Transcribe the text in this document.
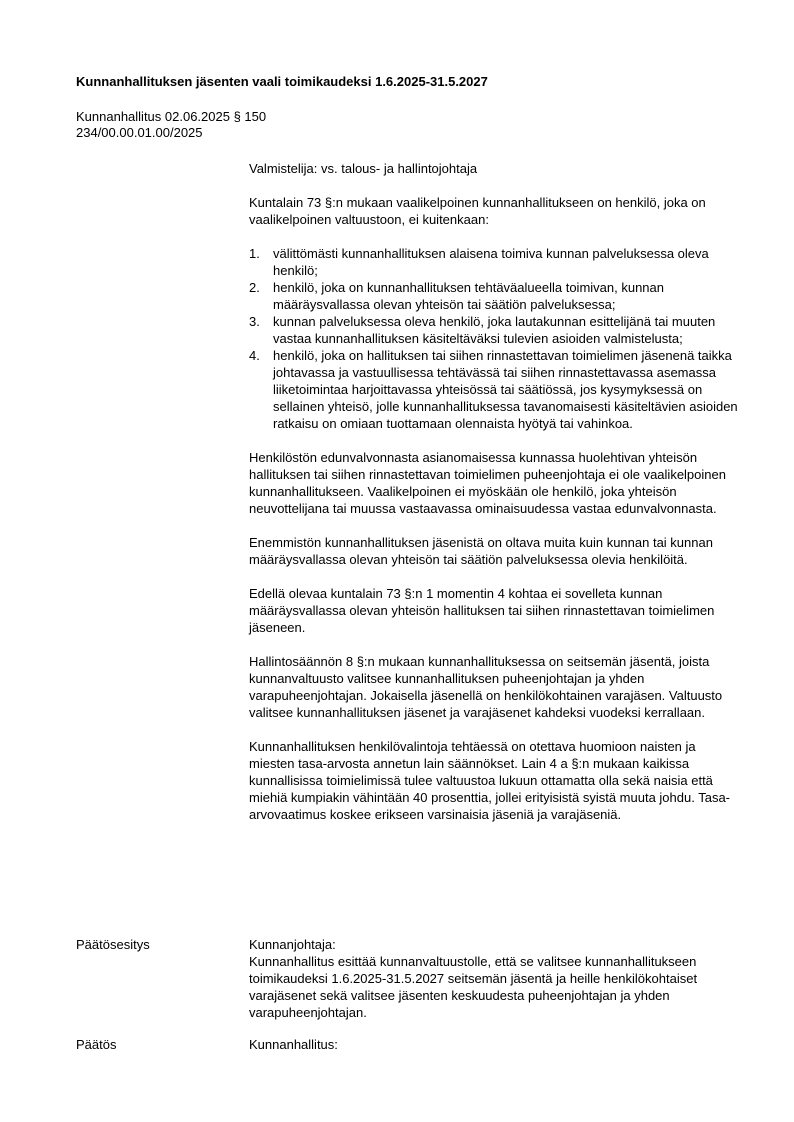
Kunnanhallituksen jäsenten vaali toimikaudeksi 1.6.2025-31.5.2027
Kunnanhallitus 02.06.2025 § 150
234/00.00.01.00/2025

Valmistelija: vs. talous- ja hallintojohtaja

Kuntalain 73 §:n mukaan vaalikelpoinen kunnanhallitukseen on henkilö, joka on vaalikelpoinen valtuustoon, ei kuitenkaan:

1. välittömästi kunnanhallituksen alaisena toimiva kunnan palveluksessa oleva henkilö;
2. henkilö, joka on kunnanhallituksen tehtäväalueella toimivan, kunnan määräysvallassa olevan yhteisön tai säätiön palveluksessa;
3. kunnan palveluksessa oleva henkilö, joka lautakunnan esittelijänä tai muuten vastaa kunnanhallituksen käsiteltäväksi tulevien asioiden valmistelusta;
4. henkilö, joka on hallituksen tai siihen rinnastettavan toimielimen jäsenenä taikka johtavassa ja vastuullisessa tehtävässä tai siihen rinnastettavassa asemassa liiketoimintaa harjoittavassa yhteisössä tai säätiössä, jos kysymyksessä on sellainen yhteisö, jolle kunnanhallituksessa tavanomaisesti käsiteltävien asioiden ratkaisu on omiaan tuottamaan olennaista hyötyä tai vahinkoa.

Henkilöstön edunvalvonnasta asianomaisessa kunnassa huolehtivan yhteisön hallituksen tai siihen rinnastettavan toimielimen puheenjohtaja ei ole vaalikelpoinen kunnanhallitukseen. Vaalikelpoinen ei myöskään ole henkilö, joka yhteisön neuvottelijana tai muussa vastaavassa ominaisuudessa vastaa edunvalvonnasta.

Enemmistön kunnanhallituksen jäsenistä on oltava muita kuin kunnan tai kunnan määräysvallassa olevan yhteisön tai säätiön palveluksessa olevia henkilöitä.

Edellä olevaa kuntalain 73 §:n 1 momentin 4 kohtaa ei sovelleta kunnan määräysvallassa olevan yhteisön hallituksen tai siihen rinnastettavan toimielimen jäseneen.

Hallintosäännön 8 §:n mukaan kunnanhallituksessa on seitsemän jäsentä, joista kunnanvaltuusto valitsee kunnanhallituksen puheenjohtajan ja yhden varapuheenjohtajan. Jokaisella jäsenellä on henkilökohtainen varajäsen. Valtuusto valitsee kunnanhallituksen jäsenet ja varajäsenet kahdeksi vuodeksi kerrallaan.

Kunnanhallituksen henkilövalintoja tehtäessä on otettava huomioon naisten ja miesten tasa-arvosta annetun lain säännökset. Lain 4 a §:n mukaan kaikissa kunnallisissa toimielimissä tulee valtuustoa lukuun ottamatta olla sekä naisia että miehiä kumpiakin vähintään 40 prosenttia, jollei erityisistä syistä muuta johdu. Tasa-arvovaatimus koskee erikseen varsinaisia jäseniä ja varajäseniä.

Päätösesitys	Kunnanjohtaja:
Kunnanhallitus esittää kunnanvaltuustolle, että se valitsee kunnanhallitukseen toimikaudeksi 1.6.2025-31.5.2027 seitsemän jäsentä ja heille henkilökohtaiset varajäsenet sekä valitsee jäsenten keskuudesta puheenjohtajan ja yhden varapuheenjohtajan.
Päätös	Kunnanhallitus:
